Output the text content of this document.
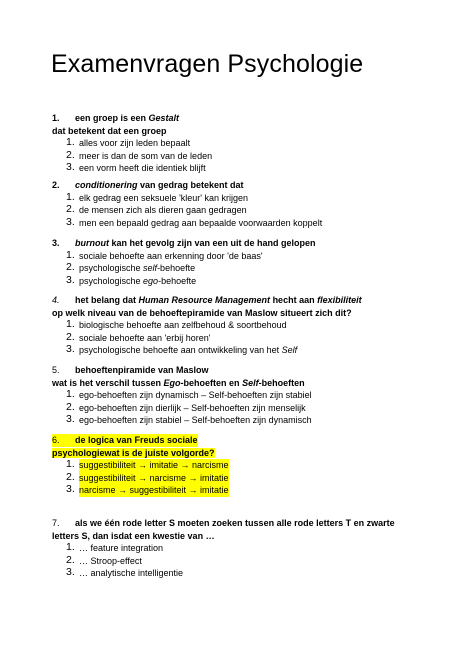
Examenvragen Psychologie
1. een groep is een Gestalt
dat betekent dat een groep
1. alles voor zijn leden bepaalt
2. meer is dan de som van de leden
3. een vorm heeft die identiek blijft
2. conditionering van gedrag betekent dat
1. elk gedrag een seksuele 'kleur' kan krijgen
2. de mensen zich als dieren gaan gedragen
3. men een bepaald gedrag aan bepaalde voorwaarden koppelt
3. burnout kan het gevolg zijn van een uit de hand gelopen
1. sociale behoefte aan erkenning door 'de baas'
2. psychologische self-behoefte
3. psychologische ego-behoefte
4. het belang dat Human Resource Management hecht aan flexibiliteit
op welk niveau van de behoeftepiramide van Maslow situeert zich dit?
1. biologische behoefte aan zelfbehoud & soortbehoud
2. sociale behoefte aan 'erbij horen'
3. psychologische behoefte aan ontwikkeling van het Self
5. behoeftenpiramide van Maslow
wat is het verschil tussen Ego-behoeften en Self-behoeften
1. ego-behoeften zijn dynamisch – Self-behoeften zijn stabiel
2. ego-behoeften zijn dierlijk – Self-behoeften zijn menselijk
3. ego-behoeften zijn stabiel – Self-behoeften zijn dynamisch
6. de logica van Freuds sociale
psychologiewat is de juiste volgorde?
1. suggestibiliteit → imitatie → narcisme
2. suggestibiliteit → narcisme → imitatie
3. narcisme → suggestibiliteit → imitatie
7. als we één rode letter S moeten zoeken tussen alle rode letters T en zwarte
letters S, dan isdat een kwestie van …
1. … feature integration
2. … Stroop-effect
3. … analytische intelligentie
